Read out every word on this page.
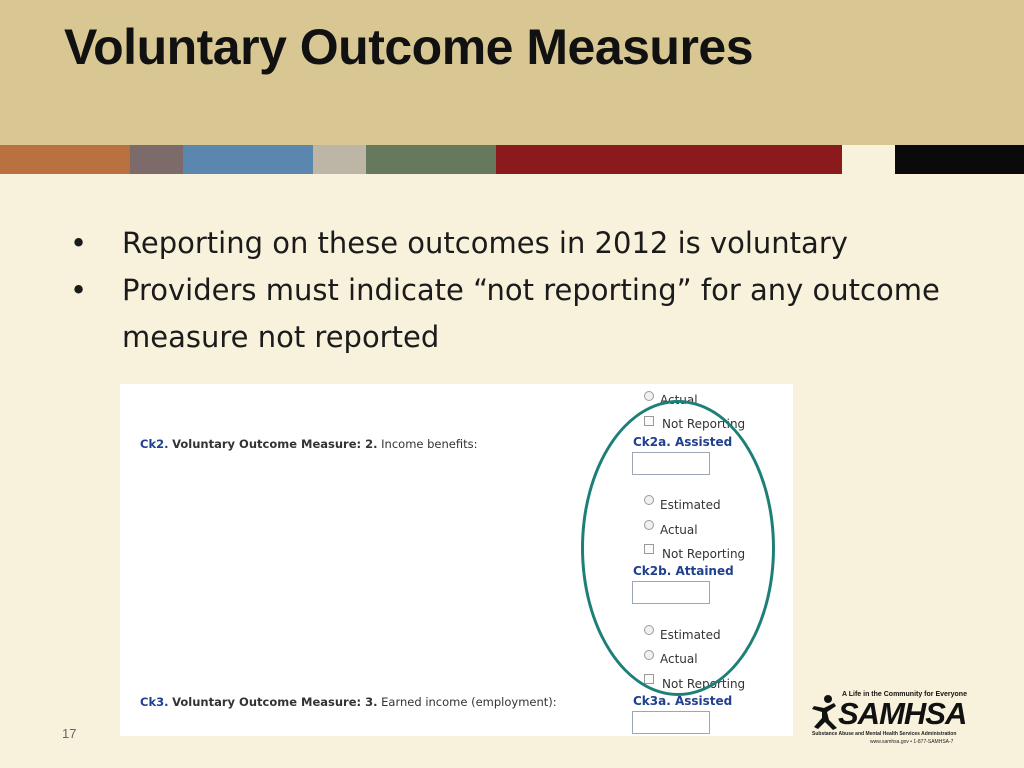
Voluntary Outcome Measures
• Reporting on these outcomes in 2012 is voluntary
• Providers must indicate “not reporting” for any outcome measure not reported
Actual
Not Reporting
Ck2. Voluntary Outcome Measure: 2. Income benefits:	Ck2a. Assisted
Estimated
Actual
Not Reporting
Ck2b. Attained
Estimated
Actual
Not Reporting
Ck3. Voluntary Outcome Measure: 3. Earned income (employment):	Ck3a. Assisted
17
A Life in the Community for Everyone
SAMHSA
Substance Abuse and Mental Health Services Administration
www.samhsa.gov • 1-877-SAMHSA-7
